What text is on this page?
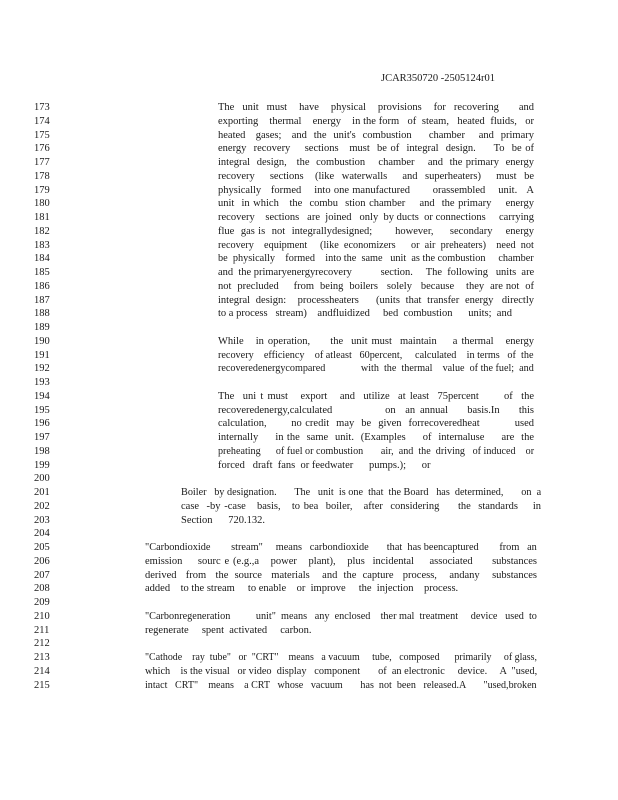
JCAR350720 -2505124r01
173	The  unit  must   have   physical   provisions   for  recovering     and
174	exporting    thermal    energy    in the form   of  steam,   heated  fluids,   or
175	heated   gases;   and  the  unit's  combustion     chamber    and  primary
176	energy  recovery    sections   must  be of  integral  design.     To  be of
177	integral  design,   the  combustion    chamber    and  the primary  energy
178	recovery    sections   (like  waterwalls    and  superheaters)    must  be
179	physically   formed    into one manufactured       orassembled    unit.   A
180	unit  in which   the  combu  stion chamber    and  the primary    energy
181	recovery    sections   are  joined   only  by ducts  or connections     carrying
182	flue  gas is  not  integrallydesigned;       however,     secondary    energy
183	recovery    equipment     (like  economizers      or  air  preheaters)    need  not
184	be  physically    formed    into the  same   unit  as the combustion     chamber
185	and  the primaryenergyrecovery           section.     The  following   units  are
186	not  precluded     from  being  boilers   solely   because    they  are not  of
187	integral  design:    processheaters      (units  that  transfer  energy   directly
188	to a process   stream)    andfluidized     bed  combustion      units;  and
189
190	While   in operation,     the  unit must  maintain    a thermal   energy
191	recovery    efficiency    of atleast   60percent,     calculated    in terms   of  the
192	recoveredenergycompared              with  the  thermal    value  of the fuel;  and
193
194	The  uni t must   export   and  utilize  at least  75percent      of  the
195	recoveredenergy,calculated           on  an annual    basis.In    this
196	calculation,       no credit  may  be  given  forrecoveredheat          used
197	internally     in the  same  unit.  (Examples     of  internaluse     are  the
198	preheating      of fuel or combustion       air,  and  the  driving   of induced    or
199	forced   draft  fans  or feedwater      pumps.);      or
200
201	Boiler   by designation.       The   unit  is one  that  the Board   has  determined,       on  a
202	case  -by -case   basis,   to bea  boiler,   after  considering     the  standards    in
203	Section      720.132.
204
205	"Carbondioxide        stream"     means   carbondioxide       that  has beencaptured        from   an
206	emission    sourc e (e.g.,a   power   plant),   plus  incidental    associated     substances
207	derived   from   the  source   materials    and  the  capture   process,    andany    substances
208	added    to the stream     to enable    or  improve     the  injection    process.
209
210	"Carbonregeneration          unit"  means   any  enclosed    ther mal  treatment     device   used  to
211	regenerate     spent  activated     carbon.
212
213	"Cathode    ray  tube"   or  "CRT"    means   a vacuum     tube,   composed      primarily     of glass,
214	which    is the visual   or video  display   component       of  an electronic     device.     A  "used,
215	intact   CRT"    means    a CRT   whose   vacuum       has  not  been   released.A       "used,broken
